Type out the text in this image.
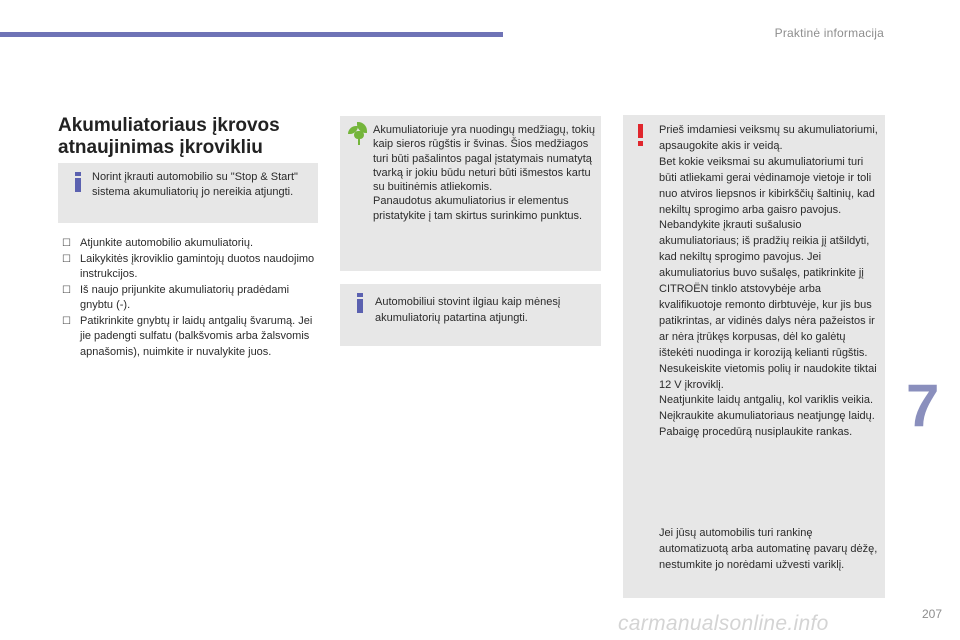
Praktinė informacija
Akumuliatoriaus įkrovos atnaujinimas įkrovikliu
Norint įkrauti automobilio su "Stop & Start" sistema akumuliatorių jo nereikia atjungti.
☐ Atjunkite automobilio akumuliatorių.
☐ Laikykitės įkroviklio gamintojų duotos naudojimo instrukcijos.
☐ Iš naujo prijunkite akumuliatorių pradėdami gnybtu (-).
☐ Patikrinkite gnybtų ir laidų antgalių švarumą. Jei jie padengti sulfatu (balkšvomis arba žalsvomis apnašomis), nuimkite ir nuvalykite juos.
Akumuliatoriuje yra nuodingų medžiagų, tokių kaip sieros rūgštis ir švinas. Šios medžiagos turi būti pašalintos pagal įstatymais numatytą tvarką ir jokiu būdu neturi būti išmestos kartu su buitinėmis atliekomis.
Panaudotus akumuliatorius ir elementus pristatykite į tam skirtus surinkimo punktus.
Automobiliui stovint ilgiau kaip mėnesį akumuliatorių patartina atjungti.
Prieš imdamiesi veiksmų su akumuliatoriumi, apsaugokite akis ir veidą.
Bet kokie veiksmai su akumuliatoriumi turi būti atliekami gerai vėdinamoje vietoje ir toli nuo atviros liepsnos ir kibirkščių šaltinių, kad nekiltų sprogimo arba gaisro pavojus.
Nebandykite įkrauti sušalusio akumuliatoriaus; iš pradžių reikia jį atšildyti, kad nekiltų sprogimo pavojus. Jei akumuliatorius buvo sušalęs, patikrinkite jį CITROËN tinklo atstovybėje arba kvalifikuotoje remonto dirbtuvėje, kur jis bus patikrintas, ar vidinės dalys nėra pažeistos ir ar nėra įtrūkęs korpusas, dėl ko galėtų ištekėti nuodinga ir koroziją kelianti rūgštis.
Nesukeiskite vietomis polių ir naudokite tiktai 12 V įkroviklį.
Neatjunkite laidų antgalių, kol variklis veikia.
Neįkraukite akumuliatoriaus neatjungę laidų.
Pabaigę procedūrą nusiplaukite rankas.
Jei jūsų automobilis turi rankinę automatizuotą arba automatinę pavarų dėžę, nestumkite jo norėdami užvesti variklį.
7
207
carmanualsonline.info
